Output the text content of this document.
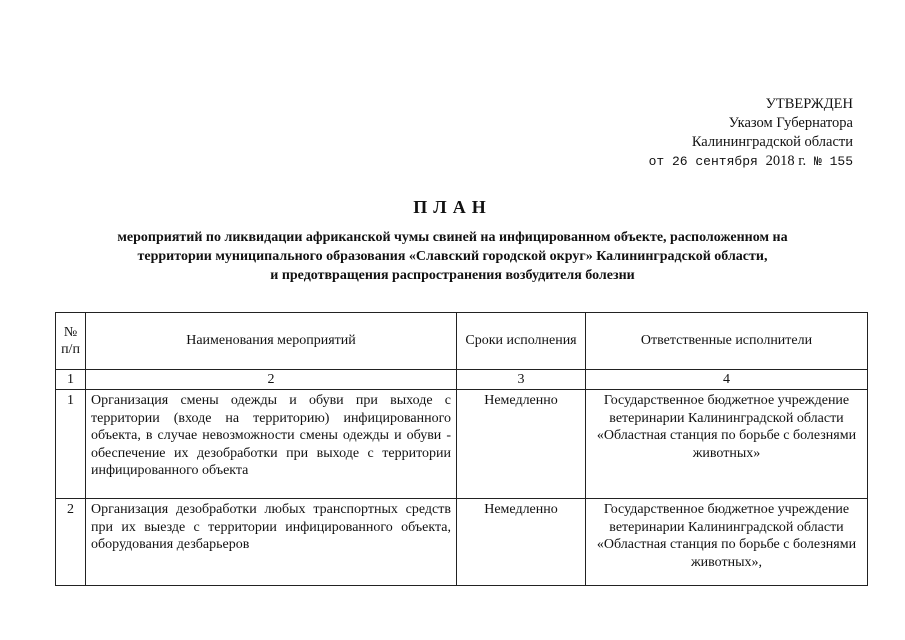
УТВЕРЖДЕН
Указом Губернатора
Калининградской области
от 26 сентября 2018 г. № 155
ПЛАН
мероприятий по ликвидации африканской чумы свиней на инфицированном объекте, расположенном на
территории муниципального образования «Славский городской округ» Калининградской области,
и предотвращения распространения возбудителя болезни
№ п/п	Наименования мероприятий	Сроки исполнения	Ответственные исполнители
1	2	3	4
1	Организация смены одежды и обуви при выходе с территории (входе на территорию) инфицированного объекта, в случае невозможности смены одежды и обуви - обеспечение их дезобработки при выходе с территории инфицированного объекта	Немедленно	Государственное бюджетное учреждение ветеринарии Калининградской области «Областная станция по борьбе с болезнями животных»
2	Организация дезобработки любых транспортных средств при их выезде с территории инфицированного объекта, оборудования дезбарьеров	Немедленно	Государственное бюджетное учреждение ветеринарии Калининградской области «Областная станция по борьбе с болезнями животных»,
